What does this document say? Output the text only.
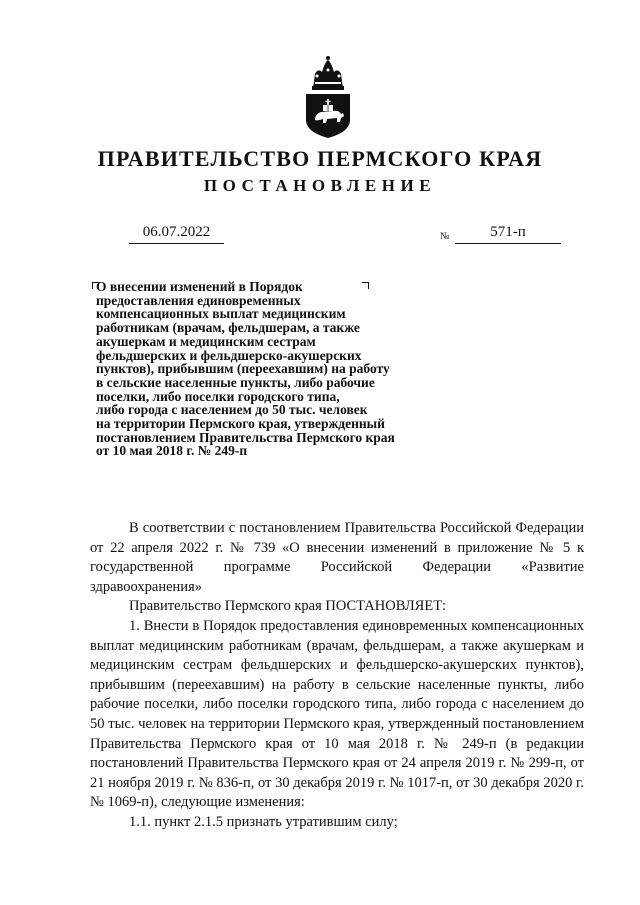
ПРАВИТЕЛЬСТВО ПЕРМСКОГО КРАЯ
ПОСТАНОВЛЕНИЕ
06.07.2022	№	571-п
О внесении изменений в Порядок
предоставления единовременных
компенсационных выплат медицинским
работникам (врачам, фельдшерам, а также
акушеркам и медицинским сестрам
фельдшерских и фельдшерско-акушерских
пунктов), прибывшим (переехавшим) на работу
в сельские населенные пункты, либо рабочие
поселки, либо поселки городского типа,
либо города с населением до 50 тыс. человек
на территории Пермского края, утвержденный
постановлением Правительства Пермского края
от 10 мая 2018 г. № 249-п

В соответствии с постановлением Правительства Российской Федерации от 22 апреля 2022 г. № 739 «О внесении изменений в приложение № 5 к государственной программе Российской Федерации «Развитие здравоохранения»

Правительство Пермского края ПОСТАНОВЛЯЕТ:

1. Внести в Порядок предоставления единовременных компенсационных выплат медицинским работникам (врачам, фельдшерам, а также акушеркам и медицинским сестрам фельдшерских и фельдшерско-акушерских пунктов), прибывшим (переехавшим) на работу в сельские населенные пункты, либо рабочие поселки, либо поселки городского типа, либо города с населением до 50 тыс. человек на территории Пермского края, утвержденный постановлением Правительства Пермского края от 10 мая 2018 г. № 249-п (в редакции постановлений Правительства Пермского края от 24 апреля 2019 г. № 299-п, от 21 ноября 2019 г. № 836-п, от 30 декабря 2019 г. № 1017-п, от 30 декабря 2020 г. № 1069-п), следующие изменения:

1.1. пункт 2.1.5 признать утратившим силу;
